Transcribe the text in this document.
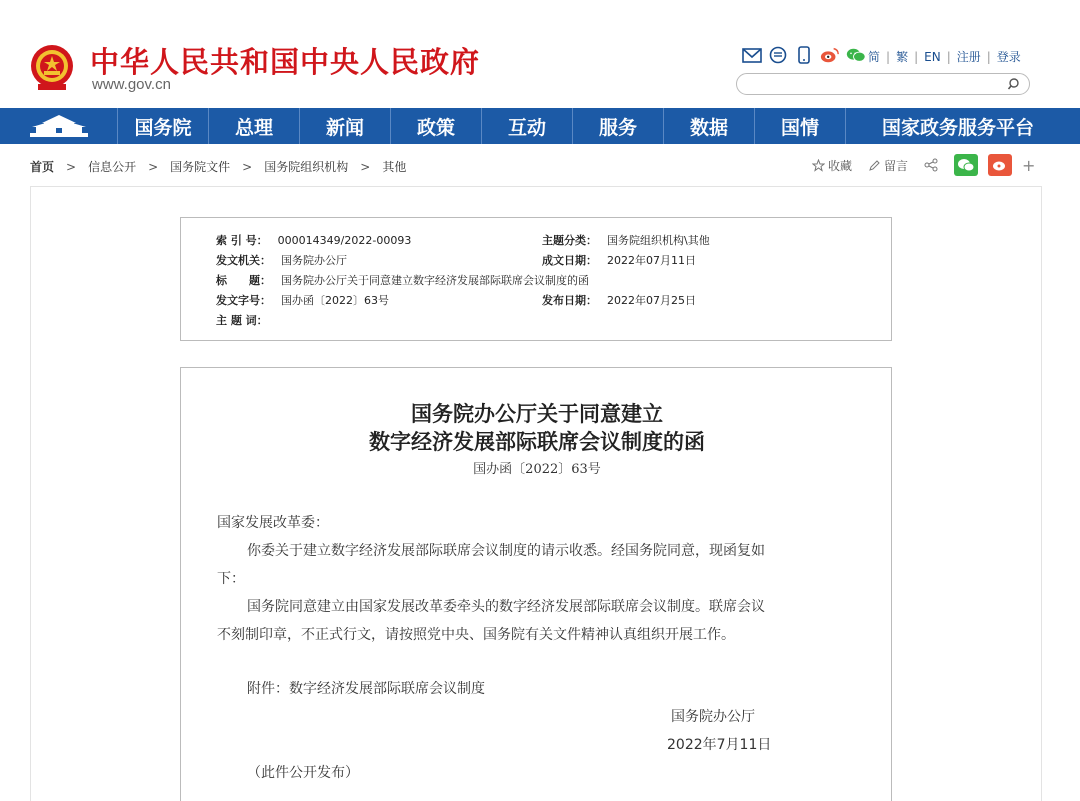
中华人民共和国中央人民政府
www.gov.cn
简 | 繁 | EN | 注册 | 登录
国务院	总理	新闻	政策	互动	服务	数据	国情	国家政务服务平台
首页 > 信息公开 > 国务院文件 > 国务院组织机构 > 其他	收藏	留言	+
索 引 号： 000014349/2022-00093	主题分类： 国务院组织机构\其他
发文机关： 国务院办公厅	成文日期： 2022年07月11日
标　　题： 国务院办公厅关于同意建立数字经济发展部际联席会议制度的函
发文字号： 国办函〔2022〕63号	发布日期： 2022年07月25日
主 题 词：
国务院办公厅关于同意建立
数字经济发展部际联席会议制度的函
国办函〔2022〕63号

国家发展改革委：

你委关于建立数字经济发展部际联席会议制度的请示收悉。经国务院同意，现函复如

下：

国务院同意建立由国家发展改革委牵头的数字经济发展部际联席会议制度。联席会议

不刻制印章，不正式行文，请按照党中央、国务院有关文件精神认真组织开展工作。

附件：数字经济发展部际联席会议制度

国务院办公厅

2022年7月11日

（此件公开发布）
